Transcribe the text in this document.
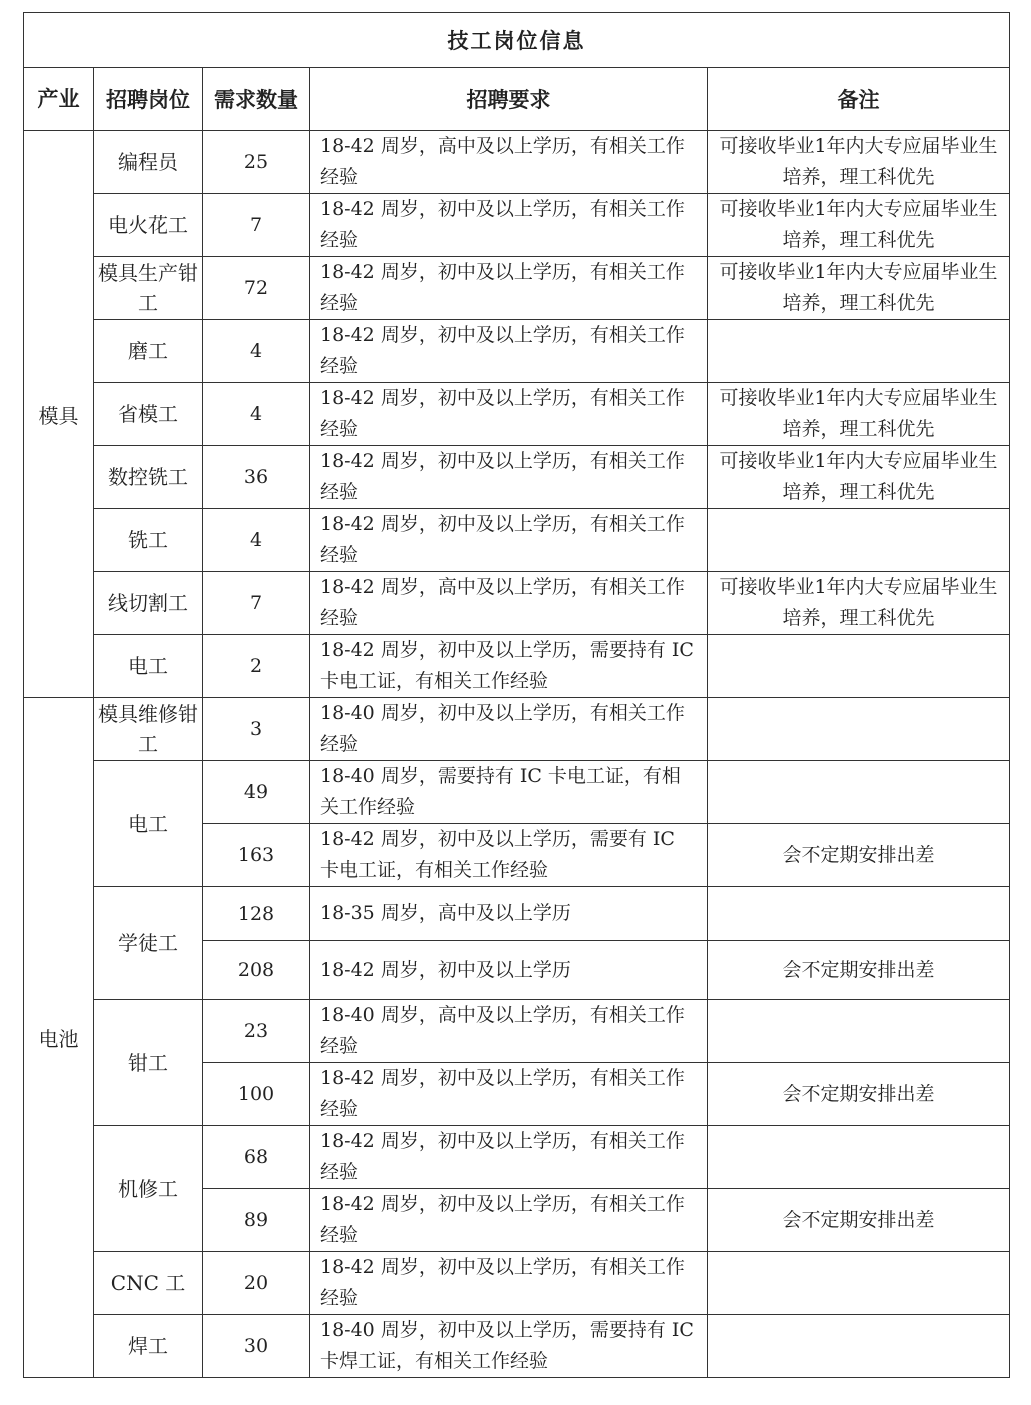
技工岗位信息				
产业	招聘岗位	需求数量	招聘要求	备注
模具	编程员	25	18-42 周岁，高中及以上学历，有相关工作经验	可接收毕业1年内大专应届毕业生培养，理工科优先
	电火花工	7	18-42 周岁，初中及以上学历，有相关工作经验	可接收毕业1年内大专应届毕业生培养，理工科优先
	模具生产钳工	72	18-42 周岁，初中及以上学历，有相关工作经验	可接收毕业1年内大专应届毕业生培养，理工科优先
	磨工	4	18-42 周岁，初中及以上学历，有相关工作经验	
	省模工	4	18-42 周岁，初中及以上学历，有相关工作经验	可接收毕业1年内大专应届毕业生培养，理工科优先
	数控铣工	36	18-42 周岁，初中及以上学历，有相关工作经验	可接收毕业1年内大专应届毕业生培养，理工科优先
	铣工	4	18-42 周岁，初中及以上学历，有相关工作经验	
	线切割工	7	18-42 周岁，高中及以上学历，有相关工作经验	可接收毕业1年内大专应届毕业生培养，理工科优先
	电工	2	18-42 周岁，初中及以上学历，需要持有 IC 卡电工证，有相关工作经验	
电池	模具维修钳工	3	18-40 周岁，初中及以上学历，有相关工作经验	
	电工	49	18-40 周岁，需要持有 IC 卡电工证，有相关工作经验	
		163	18-42 周岁，初中及以上学历，需要有 IC 卡电工证，有相关工作经验	会不定期安排出差
	学徒工	128	18-35 周岁，高中及以上学历	
		208	18-42 周岁，初中及以上学历	会不定期安排出差
	钳工	23	18-40 周岁，高中及以上学历，有相关工作经验	
		100	18-42 周岁，初中及以上学历，有相关工作经验	会不定期安排出差
	机修工	68	18-42 周岁，初中及以上学历，有相关工作经验	
		89	18-42 周岁，初中及以上学历，有相关工作经验	会不定期安排出差
	CNC 工	20	18-42 周岁，初中及以上学历，有相关工作经验	
	焊工	30	18-40 周岁，初中及以上学历，需要持有 IC 卡焊工证，有相关工作经验	
